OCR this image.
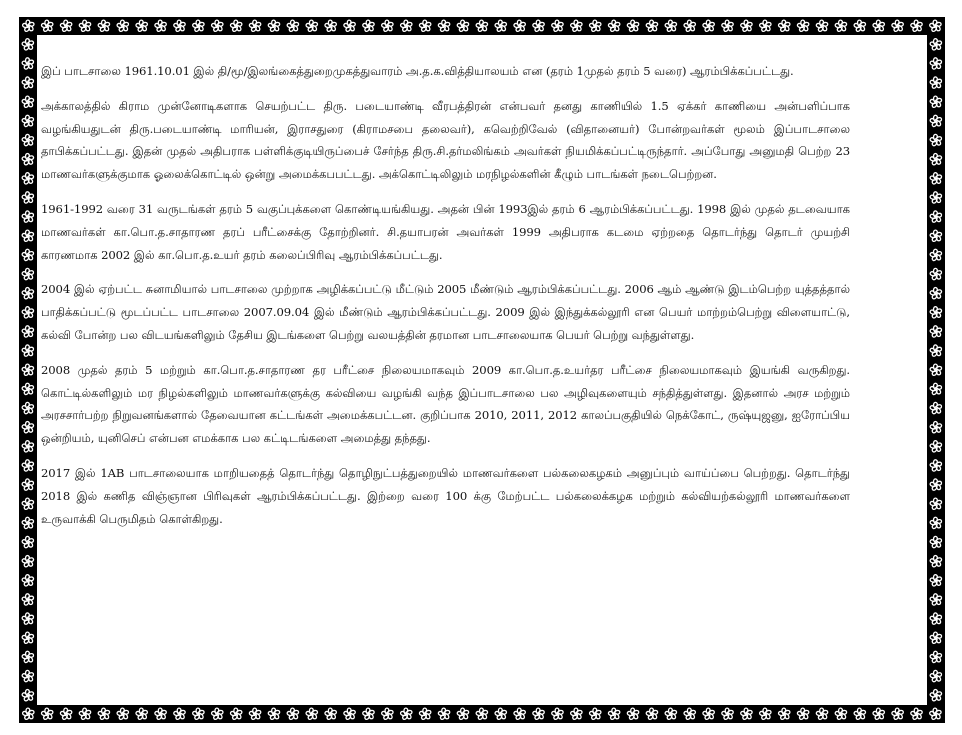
இப் பாடசாலை 1961.10.01 இல் தி/மூ/இலங்கைத்துறைமுகத்துவாரம் அ.த.க.வித்தியாலயம் என (தரம் 1முதல் தரம் 5 வரை) ஆரம்பிக்கப்பட்டது.

அக்காலத்தில் கிராம முன்னோடிகளாக செயற்பட்ட திரு. படையாண்டி வீரபத்திரன் என்பவர் தனது காணியில் 1.5 ஏக்கர் காணியை அன்பளிப்பாக வழங்கியதுடன் திரு.படையாண்டி மாரியன், இராசதுரை (கிராமசபை தலைவர்), கவெற்றிவேல் (விதானையர்) போன்றவர்கள் மூலம் இப்பாடசாலை தாபிக்கப்பட்டது. இதன் முதல் அதிபராக பள்ளிக்குடியிருப்பைச் சேர்ந்த திரு.சி.தர்மலிங்கம் அவர்கள் நியமிக்கப்பட்டிருந்தார். அப்போது அனுமதி பெற்ற 23 மாணவர்களுக்குமாக ஓலைக்கொட்டில் ஒன்று அமைக்கபபட்டது. அக்கொட்டிலிலும் மரநிழல்களின் கீழும் பாடங்கள் நடைபெற்றன.

1961-1992 வரை 31 வருடங்கள் தரம் 5 வகுப்புக்களை கொண்டியங்கியது. அதன் பின் 1993இல் தரம் 6 ஆரம்பிக்கப்பட்டது. 1998 இல் முதல் தடவையாக மாணவர்கள் கா.பொ.த.சாதாரண தரப் பரீட்சைக்கு தோற்றினர். சி.தயாபரன் அவர்கள் 1999 அதிபராக கடமை ஏற்றதை தொடர்ந்து தொடர் முயற்சி காரணமாக 2002 இல் கா.பொ.த.உயர் தரம் கலைப்பிரிவு ஆரம்பிக்கப்பட்டது.

2004 இல் ஏற்பட்ட சுனாமியால் பாடசாலை முற்றாக அழிக்கப்பட்டு மீட்டும் 2005 மீண்டும் ஆரம்பிக்கப்பட்டது. 2006 ஆம் ஆண்டு இடம்பெற்ற யுத்தத்தால் பாதிக்கப்பட்டு மூடப்பட்ட பாடசாலை 2007.09.04 இல் மீண்டும் ஆரம்பிக்கப்பட்டது. 2009 இல் இந்துக்கல்லூரி என பெயர் மாற்றம்பெற்று விளையாட்டு, கல்வி போன்ற பல விடயங்களிலும் தேசிய இடங்களை பெற்று வலயத்தின் தரமான பாடசாலையாக பெயர் பெற்று வந்துள்ளது.

2008 முதல் தரம் 5 மற்றும் கா.பொ.த.சாதாரண தர பரீட்சை நிலையமாகவும் 2009 கா.பொ.த.உயர்தர பரீட்சை நிலையமாகவும் இயங்கி வருகிறது. கொட்டில்களிலும் மர நிழல்களிலும் மாணவர்களுக்கு கல்வியை வழங்கி வந்த இப்பாடசாலை பல அழிவுகளையும் சந்தித்துள்ளது. இதனால் அரச மற்றும் அரசசார்பற்ற நிறுவனங்களால் தேவையான கட்டங்கள் அமைக்கபட்டன. குறிப்பாக 2010, 2011, 2012 காலப்பகுதியில் நெக்கோட், ருஷ்யுஜனு, ஐரோப்பிய ஒன்றியம், யுனிசெப் என்பன எமக்காக பல கட்டிடங்களை அமைத்து தந்தது.

2017 இல் 1AB பாடசாலையாக மாறியதைத் தொடர்ந்து தொழிநுட்பத்துறையில் மாணவர்களை பல்கலைகழகம் அனுப்பும் வாய்ப்பை பெற்றது. தொடர்ந்து 2018 இல் கணித விஞ்ஞான பிரிவுகள் ஆரம்பிக்கப்பட்டது. இற்றை வரை 100 க்கு மேற்பட்ட பல்கலைக்கழக மற்றும் கல்வியற்கல்லூரி மாணவர்களை உருவாக்கி பெருமிதம் கொள்கிறது.
